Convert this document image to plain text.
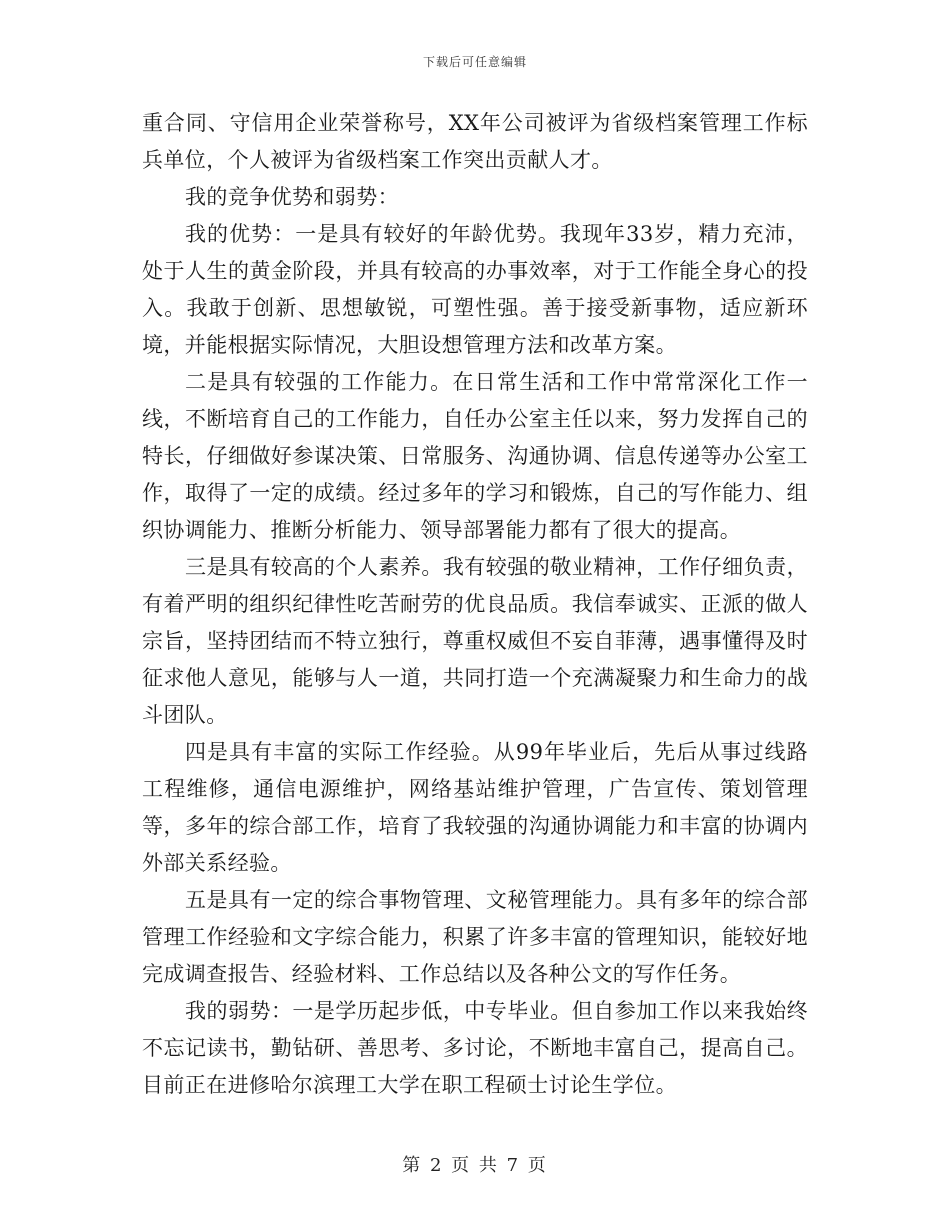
下载后可任意编辑

重合同、守信用企业荣誉称号，XX年公司被评为省级档案管理工作标兵单位，个人被评为省级档案工作突出贡献人才。

我的竞争优势和弱势：

我的优势：一是具有较好的年龄优势。我现年33岁，精力充沛，处于人生的黄金阶段，并具有较高的办事效率，对于工作能全身心的投入。我敢于创新、思想敏锐，可塑性强。善于接受新事物，适应新环境，并能根据实际情况，大胆设想管理方法和改革方案。

二是具有较强的工作能力。在日常生活和工作中常常深化工作一线，不断培育自己的工作能力，自任办公室主任以来，努力发挥自己的特长，仔细做好参谋决策、日常服务、沟通协调、信息传递等办公室工作，取得了一定的成绩。经过多年的学习和锻炼，自己的写作能力、组织协调能力、推断分析能力、领导部署能力都有了很大的提高。

三是具有较高的个人素养。我有较强的敬业精神，工作仔细负责，有着严明的组织纪律性吃苦耐劳的优良品质。我信奉诚实、正派的做人宗旨，坚持团结而不特立独行，尊重权威但不妄自菲薄，遇事懂得及时征求他人意见，能够与人一道，共同打造一个充满凝聚力和生命力的战斗团队。

四是具有丰富的实际工作经验。从99年毕业后，先后从事过线路工程维修，通信电源维护，网络基站维护管理，广告宣传、策划管理等，多年的综合部工作，培育了我较强的沟通协调能力和丰富的协调内外部关系经验。

五是具有一定的综合事物管理、文秘管理能力。具有多年的综合部管理工作经验和文字综合能力，积累了许多丰富的管理知识，能较好地完成调查报告、经验材料、工作总结以及各种公文的写作任务。

我的弱势：一是学历起步低，中专毕业。但自参加工作以来我始终不忘记读书，勤钻研、善思考、多讨论，不断地丰富自己，提高自己。目前正在进修哈尔滨理工大学在职工程硕士讨论生学位。

第 2 页 共 7 页
